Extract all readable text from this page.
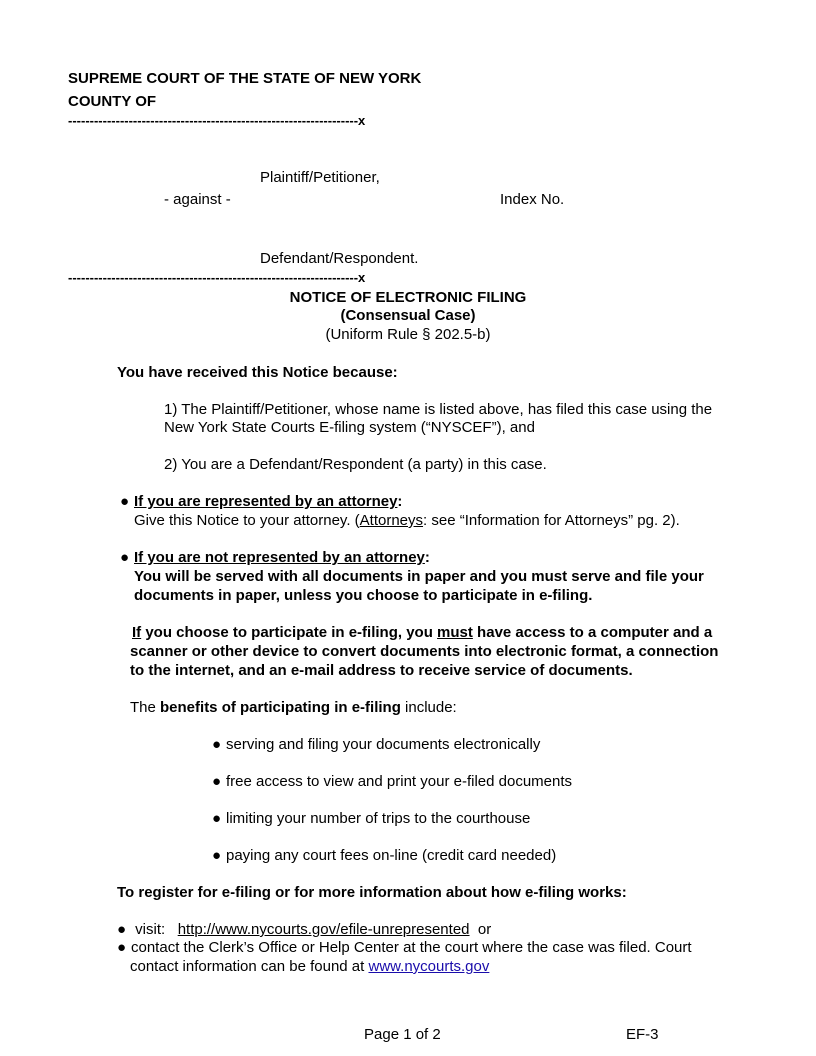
SUPREME COURT OF THE STATE OF NEW YORK
COUNTY OF
-------------------------------------------------------------------x
Plaintiff/Petitioner,
- against -	Index No.
Defendant/Respondent.
-------------------------------------------------------------------x
NOTICE OF ELECTRONIC FILING
(Consensual Case)
(Uniform Rule § 202.5-b)
You have received this Notice because:
1) The Plaintiff/Petitioner, whose name is listed above, has filed this case using the
New York State Courts E-filing system (“NYSCEF”), and
2) You are a Defendant/Respondent (a party) in this case.
● If you are represented by an attorney:
Give this Notice to your attorney. (Attorneys: see “Information for Attorneys” pg. 2).
● If you are not represented by an attorney:
You will be served with all documents in paper and you must serve and file your
documents in paper, unless you choose to participate in e-filing.
If you choose to participate in e-filing, you must have access to a computer and a
scanner or other device to convert documents into electronic format, a connection
to the internet, and an e-mail address to receive service of documents.
The benefits of participating in e-filing include:
● serving and filing your documents electronically
● free access to view and print your e-filed documents
● limiting your number of trips to the courthouse
● paying any court fees on-line (credit card needed)
To register for e-filing or for more information about how e-filing works:
● visit: http://www.nycourts.gov/efile-unrepresented or
● contact the Clerk’s Office or Help Center at the court where the case was filed. Court
contact information can be found at www.nycourts.gov
Page 1 of 2	EF-3
